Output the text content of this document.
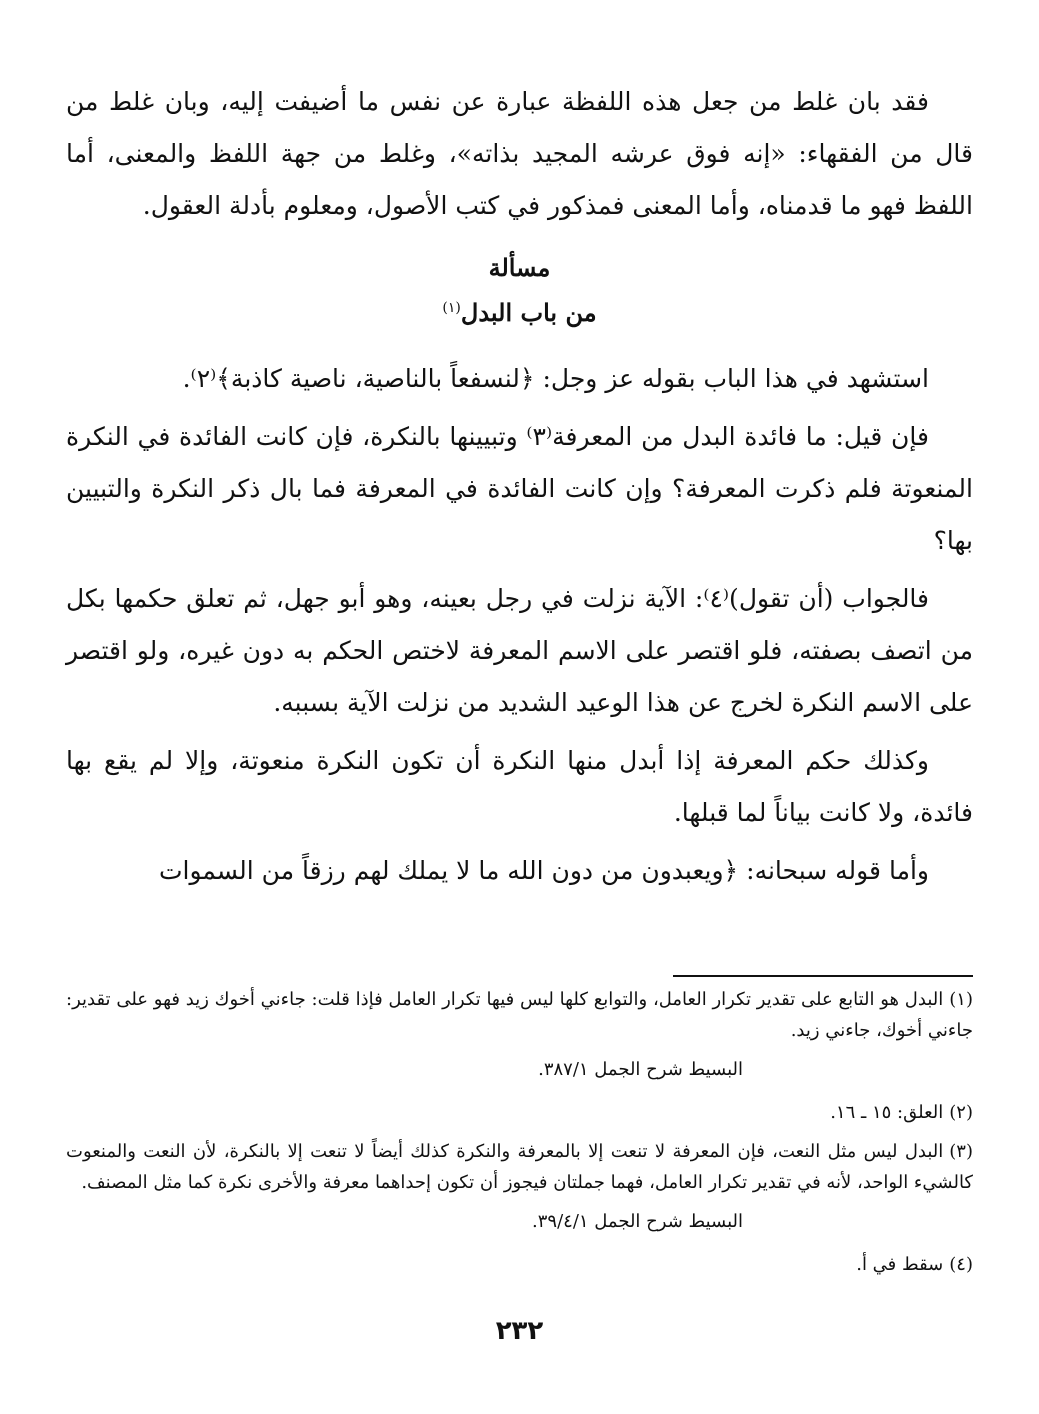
فقد بان غلط من جعل هذه اللفظة عبارة عن نفس ما أضيفت إليه، وبان غلط من قال من الفقهاء: «إنه فوق عرشه المجيد بذاته»، وغلط من جهة اللفظ والمعنى، أما اللفظ فهو ما قدمناه، وأما المعنى فمذكور في كتب الأصول، ومعلوم بأدلة العقول.

مسألة
من باب البدل$^{(١)}$

استشهد في هذا الباب بقوله عز وجل: ﴿لنسفعاً بالناصية، ناصية كاذبة﴾⁽٢⁾.

فإن قيل: ما فائدة البدل من المعرفة⁽٣⁾ وتبيينها بالنكرة، فإن كانت الفائدة في النكرة المنعوتة فلم ذكرت المعرفة؟ وإن كانت الفائدة في المعرفة فما بال ذكر النكرة والتبيين بها؟

فالجواب (أن تقول)⁽٤⁾: الآية نزلت في رجل بعينه، وهو أبو جهل، ثم تعلق حكمها بكل من اتصف بصفته، فلو اقتصر على الاسم المعرفة لاختص الحكم به دون غيره، ولو اقتصر على الاسم النكرة لخرج عن هذا الوعيد الشديد من نزلت الآية بسببه.

وكذلك حكم المعرفة إذا أبدل منها النكرة أن تكون النكرة منعوتة، وإلا لم يقع بها فائدة، ولا كانت بياناً لما قبلها.

وأما قوله سبحانه: ﴿ويعبدون من دون الله ما لا يملك لهم رزقاً من السموات

(١)البدل هو التابع على تقدير تكرار العامل، والتوابع كلها ليس فيها تكرار العامل فإذا قلت: جاءني أخوك زيد فهو على تقدير: جاءني أخوك، جاءني زيد.

البسيط شرح الجمل ٣٨٧/١.

(٢)العلق: ١٥ ـ ١٦.

(٣)البدل ليس مثل النعت، فإن المعرفة لا تنعت إلا بالمعرفة والنكرة كذلك أيضاً لا تنعت إلا بالنكرة، لأن النعت والمنعوت كالشيء الواحد، لأنه في تقدير تكرار العامل، فهما جملتان فيجوز أن تكون إحداهما معرفة والأخرى نكرة كما مثل المصنف.

البسيط شرح الجمل ٣٩/٤/١.

(٤)سقط في أ.

٢٣٢
